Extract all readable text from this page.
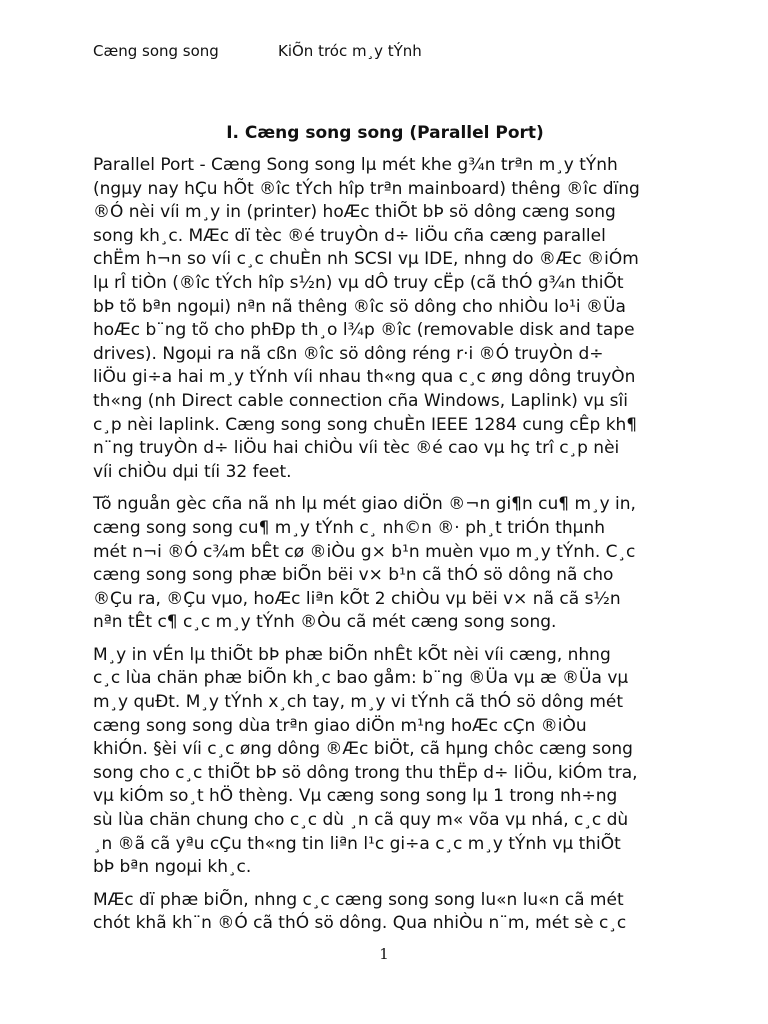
Cæng song song	KiÕn tróc m¸y tÝnh
I. Cæng song song (Parallel Port)
Parallel Port - Cæng Song song lµ mét khe g¾n trªn m¸y tÝnh
(ngµy nay hÇu hÕt ®îc tÝch hîp trªn mainboard) thêng ®îc dïng
®Ó nèi víi m¸y in (printer) hoÆc thiÕt bÞ sö dông cæng song
song kh¸c. MÆc dï tèc ®é truyÒn d÷ liÖu cña cæng parallel
chËm h¬n so víi c¸c chuÈn nh SCSI vµ IDE, nhng do ®Æc ®iÓm
lµ rÎ tiÒn (®îc tÝch hîp s½n) vµ dÔ truy cËp (cã thÓ g¾n thiÕt
bÞ tõ bªn ngoµi) nªn nã thêng ®îc sö dông cho nhiÒu lo¹i ®Üa
hoÆc b¨ng tõ cho phÐp th¸o l¾p ®îc (removable disk and tape
drives). Ngoµi ra nã cßn ®îc sö dông réng r·i ®Ó truyÒn d÷
liÖu gi÷a hai m¸y tÝnh víi nhau th«ng qua c¸c øng dông truyÒn
th«ng (nh Direct cable connection cña Windows, Laplink) vµ sîi
c¸p nèi laplink. Cæng song song chuÈn IEEE 1284 cung cÊp kh¶
n¨ng truyÒn d÷ liÖu hai chiÒu víi tèc ®é cao vµ hç trî c¸p nèi
víi chiÒu dµi tíi 32 feet.
Tõ nguån gèc cña nã nh lµ mét giao diÖn ®¬n gi¶n cu¶ m¸y in,
cæng song song cu¶ m¸y tÝnh c¸ nh©n ®· ph¸t triÓn thµnh
mét n¬i ®Ó c¾m bÊt cø ®iÒu g× b¹n muèn vµo m¸y tÝnh. C¸c
cæng song song phæ biÕn bëi v× b¹n cã thÓ sö dông nã cho
®Çu ra, ®Çu vµo, hoÆc liªn kÕt 2 chiÒu vµ bëi v× nã cã s½n
nªn tÊt c¶ c¸c m¸y tÝnh ®Òu cã mét cæng song song.
M¸y in vÉn lµ thiÕt bÞ phæ biÕn nhÊt kÕt nèi víi cæng, nhng
c¸c lùa chän phæ biÕn kh¸c bao gåm: b¨ng ®Üa vµ æ ®Üa vµ
m¸y quÐt. M¸y tÝnh x¸ch tay, m¸y vi tÝnh cã thÓ sö dông mét
cæng song song dùa trªn giao diÖn m¹ng hoÆc cÇn ®iÒu
khiÓn. §èi víi c¸c øng dông ®Æc biÖt, cã hµng chôc cæng song
song cho c¸c thiÕt bÞ sö dông trong thu thËp d÷ liÖu, kiÓm tra,
vµ kiÓm so¸t hÖ thèng. Vµ cæng song song lµ 1 trong nh÷ng
sù lùa chän chung cho c¸c dù ¸n cã quy m« võa vµ nhá, c¸c dù
¸n ®ã cã yªu cÇu th«ng tin liªn l¹c gi÷a c¸c m¸y tÝnh vµ thiÕt
bÞ bªn ngoµi kh¸c.
MÆc dï phæ biÕn, nhng c¸c cæng song song lu«n lu«n cã mét
chót khã kh¨n ®Ó cã thÓ sö dông. Qua nhiÒu n¨m, mét sè c¸c
1
